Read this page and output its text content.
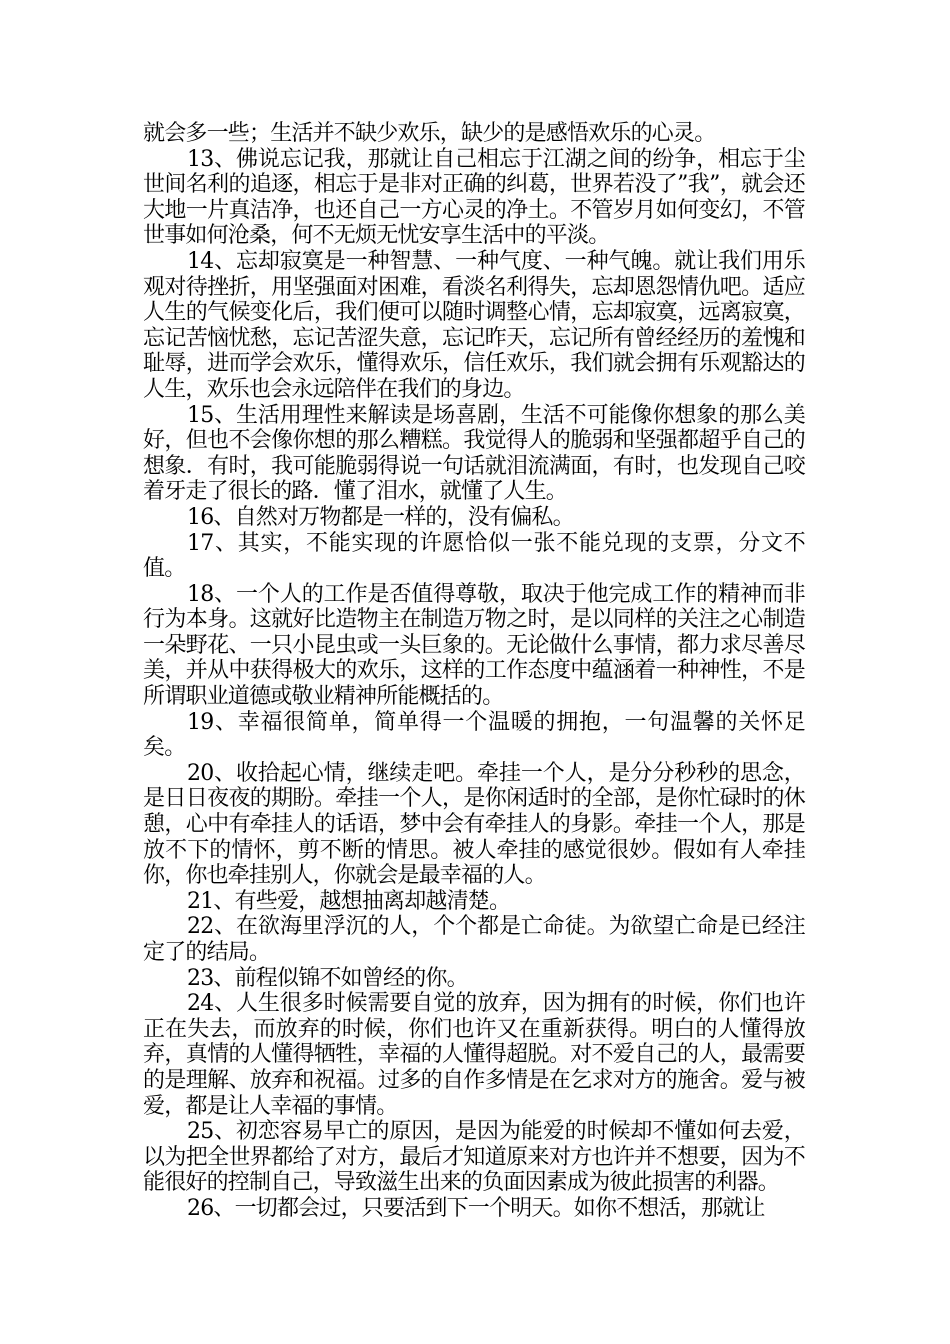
就会多一些；生活并不缺少欢乐，缺少的是感悟欢乐的心灵。

13、佛说忘记我，那就让自己相忘于江湖之间的纷争，相忘于尘世间名利的追逐，相忘于是非对正确的纠葛，世界若没了”我”，就会还大地一片真洁净，也还自己一方心灵的净土。不管岁月如何变幻，不管世事如何沧桑，何不无烦无忧安享生活中的平淡。

14、忘却寂寞是一种智慧、一种气度、一种气魄。就让我们用乐观对待挫折，用坚强面对困难，看淡名利得失，忘却恩怨情仇吧。适应人生的气候变化后，我们便可以随时调整心情，忘却寂寞，远离寂寞，忘记苦恼忧愁，忘记苦涩失意，忘记昨天，忘记所有曾经经历的羞愧和耻辱，进而学会欢乐，懂得欢乐，信任欢乐，我们就会拥有乐观豁达的人生，欢乐也会永远陪伴在我们的身边。

15、生活用理性来解读是场喜剧，生活不可能像你想象的那么美好，但也不会像你想的那么糟糕。我觉得人的脆弱和坚强都超乎自己的想象．有时，我可能脆弱得说一句话就泪流满面，有时，也发现自己咬着牙走了很长的路．懂了泪水，就懂了人生。

16、自然对万物都是一样的，没有偏私。

17、其实，不能实现的许愿恰似一张不能兑现的支票，分文不值。

18、一个人的工作是否值得尊敬，取决于他完成工作的精神而非行为本身。这就好比造物主在制造万物之时，是以同样的关注之心制造一朵野花、一只小昆虫或一头巨象的。无论做什么事情，都力求尽善尽美，并从中获得极大的欢乐，这样的工作态度中蕴涵着一种神性，不是所谓职业道德或敬业精神所能概括的。

19、幸福很简单，简单得一个温暖的拥抱，一句温馨的关怀足矣。

20、收拾起心情，继续走吧。牵挂一个人，是分分秒秒的思念，是日日夜夜的期盼。牵挂一个人，是你闲适时的全部，是你忙碌时的休憩，心中有牵挂人的话语，梦中会有牵挂人的身影。牵挂一个人，那是放不下的情怀，剪不断的情思。被人牵挂的感觉很妙。假如有人牵挂你，你也牵挂别人，你就会是最幸福的人。

21、有些爱，越想抽离却越清楚。

22、在欲海里浮沉的人，个个都是亡命徒。为欲望亡命是已经注定了的结局。

23、前程似锦不如曾经的你。

24、人生很多时候需要自觉的放弃，因为拥有的时候，你们也许正在失去，而放弃的时候，你们也许又在重新获得。明白的人懂得放弃，真情的人懂得牺牲，幸福的人懂得超脱。对不爱自己的人，最需要的是理解、放弃和祝福。过多的自作多情是在乞求对方的施舍。爱与被爱，都是让人幸福的事情。

25、初恋容易早亡的原因，是因为能爱的时候却不懂如何去爱，以为把全世界都给了对方，最后才知道原来对方也许并不想要，因为不能很好的控制自己，导致滋生出来的负面因素成为彼此损害的利器。

26、一切都会过，只要活到下一个明天。如你不想活，那就让
